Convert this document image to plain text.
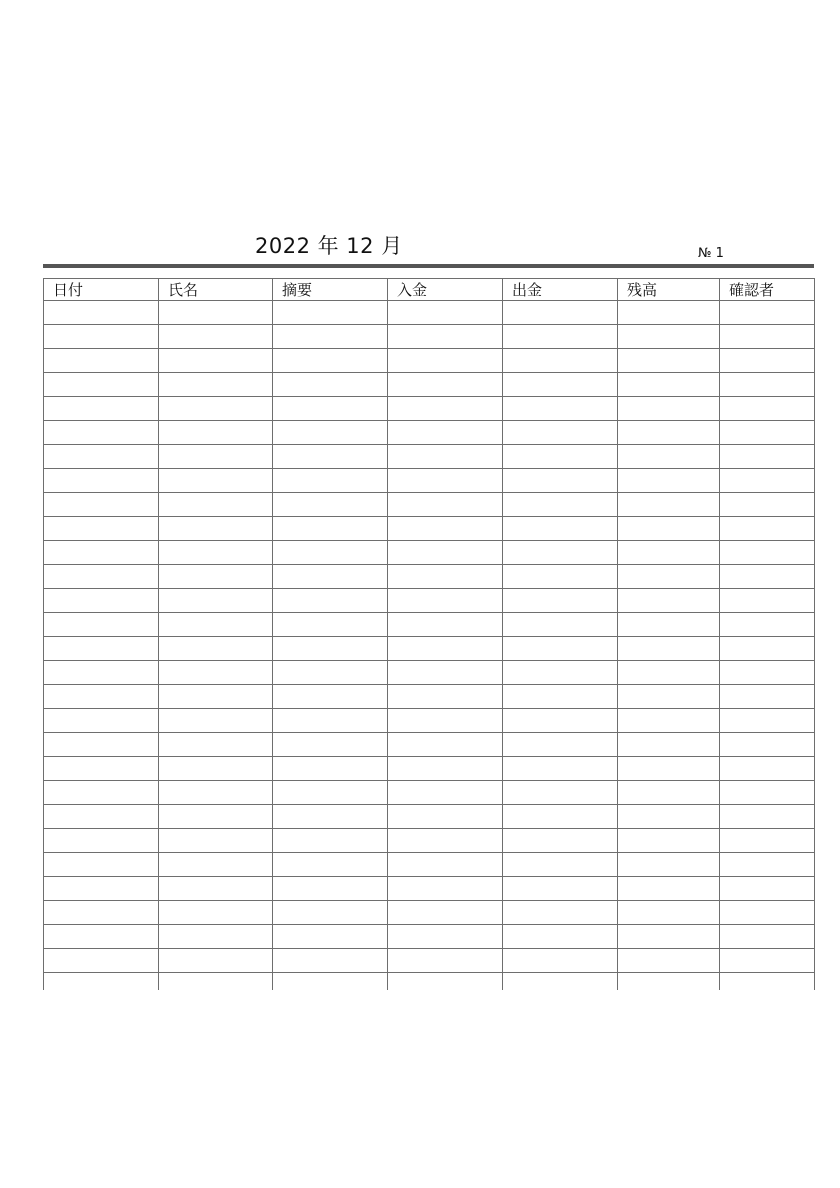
2022 年 12 月	№ 1
日付	氏名	摘要	入金	出金	残高	確認者
